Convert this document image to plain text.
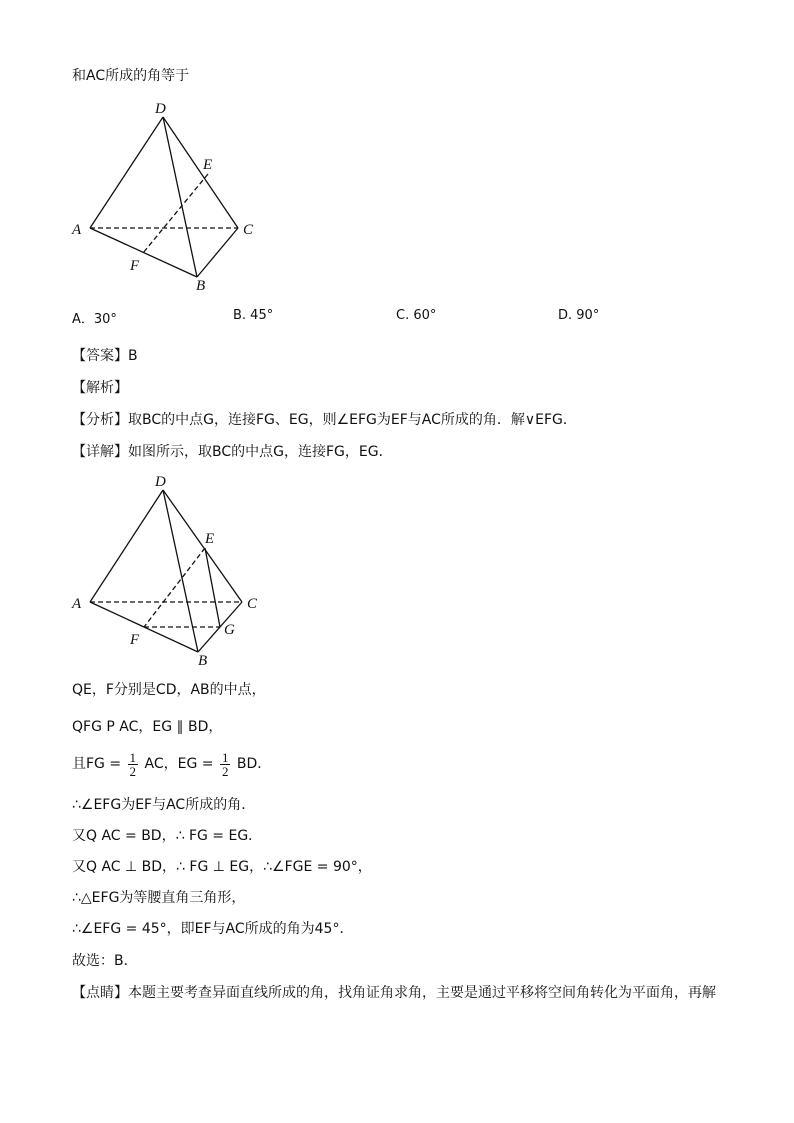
和AC所成的角等于
D
E
A	C
F
B
A．30°	B. 45°	C. 60°	D. 90°
【答案】B
【解析】
【分析】取BC的中点G，连接FG、EG，则∠EFG为EF与AC所成的角．解∨EFG．
【详解】如图所示，取BC的中点G，连接FG，EG．
D
E
A	C
F
G
B
QE，F分别是CD，AB的中点，
QFG P AC，EG ∥ BD，
且FG = $\frac{1}{2}$ AC，EG = $\frac{1}{2}$ BD．
∴∠EFG为EF与AC所成的角．
又Q AC = BD，∴ FG = EG．
又Q AC ⊥ BD，∴ FG ⊥ EG，∴∠FGE = 90°，
∴△EFG为等腰直角三角形，
∴∠EFG = 45°，即EF与AC所成的角为45°．
故选：B．
【点睛】本题主要考查异面直线所成的角，找角证角求角，主要是通过平移将空间角转化为平面角，再解
